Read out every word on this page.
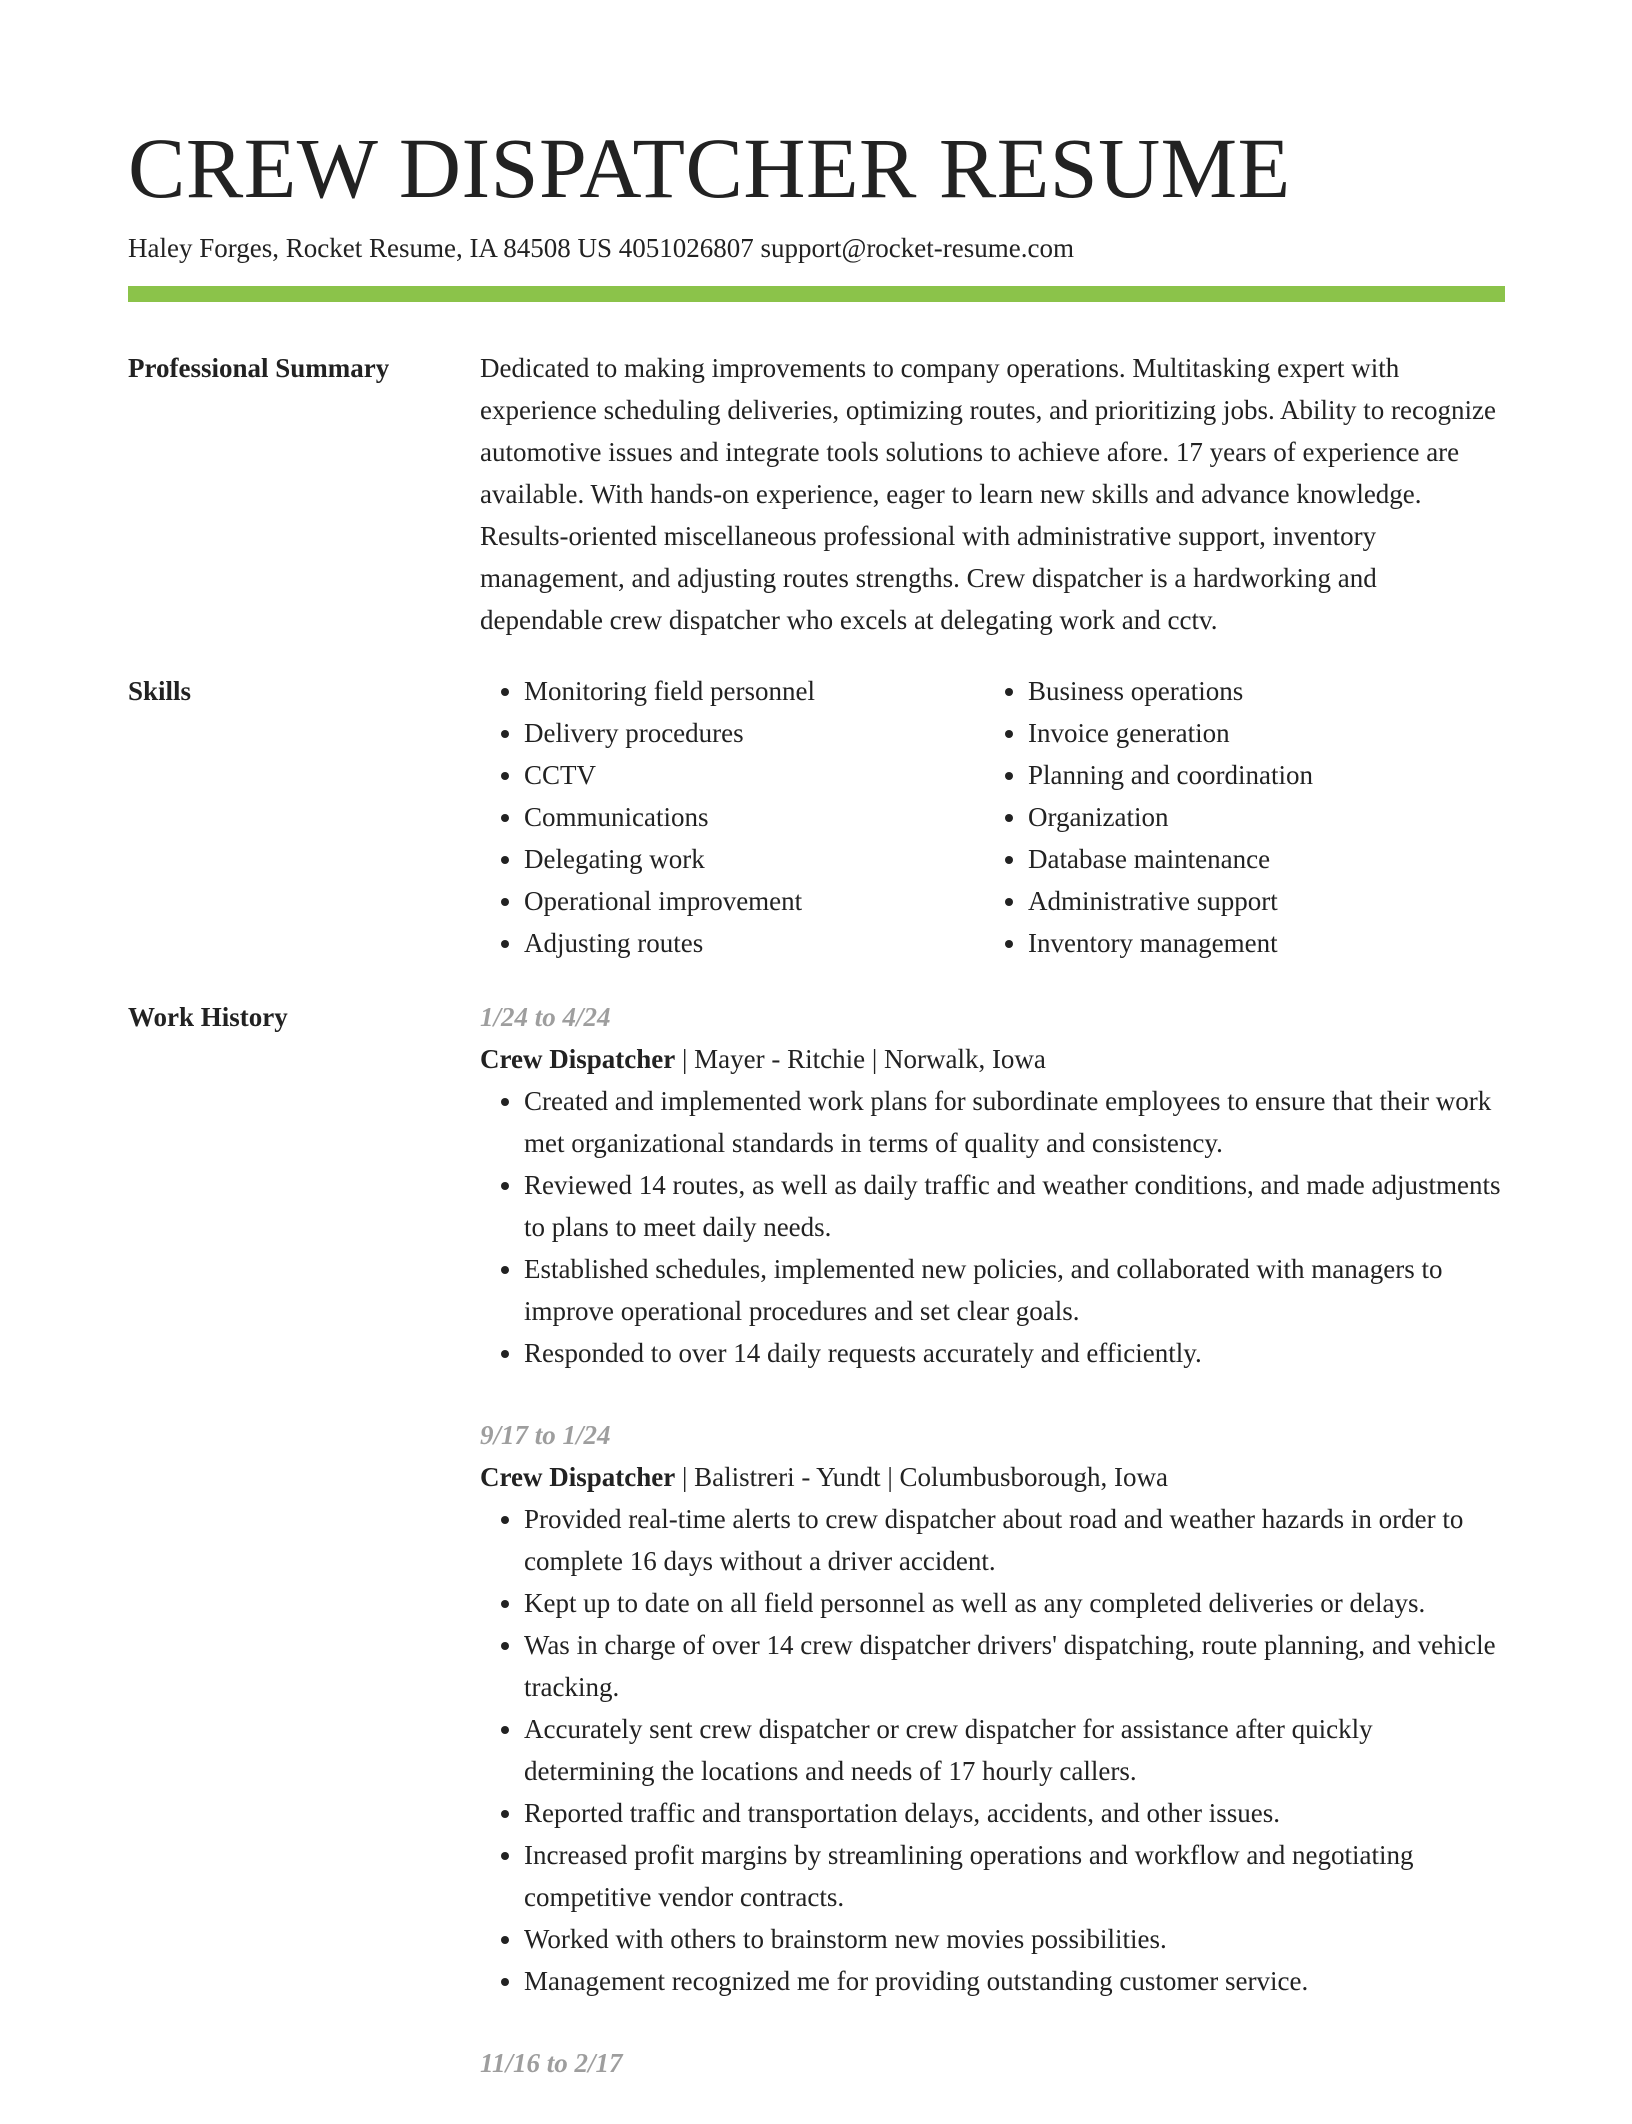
CREW DISPATCHER RESUME
Haley Forges, Rocket Resume, IA 84508 US 4051026807 support@rocket-resume.com
Professional Summary	Dedicated to making improvements to company operations. Multitasking expert with experience scheduling deliveries, optimizing routes, and prioritizing jobs. Ability to recognize automotive issues and integrate tools solutions to achieve afore. 17 years of experience are available. With hands-on experience, eager to learn new skills and advance knowledge. Results-oriented miscellaneous professional with administrative support, inventory management, and adjusting routes strengths. Crew dispatcher is a hardworking and dependable crew dispatcher who excels at delegating work and cctv.

Skills
•	Monitoring field personnel
• Delivery procedures
• CCTV
• Communications
• Delegating work
• Operational improvement
• Adjusting routes
• Business operations
• Invoice generation
• Planning and coordination
• Organization
• Database maintenance
• Administrative support
• Inventory management
Work History	1/24 to 4/24
Crew Dispatcher | Mayer - Ritchie | Norwalk, Iowa
• Created and implemented work plans for subordinate employees to ensure that their work met organizational standards in terms of quality and consistency.
• Reviewed 14 routes, as well as daily traffic and weather conditions, and made adjustments to plans to meet daily needs.
• Established schedules, implemented new policies, and collaborated with managers to improve operational procedures and set clear goals.
• Responded to over 14 daily requests accurately and efficiently.
9/17 to 1/24
Crew Dispatcher | Balistreri - Yundt | Columbusborough, Iowa
• Provided real-time alerts to crew dispatcher about road and weather hazards in order to complete 16 days without a driver accident.
• Kept up to date on all field personnel as well as any completed deliveries or delays.
• Was in charge of over 14 crew dispatcher drivers' dispatching, route planning, and vehicle tracking.
• Accurately sent crew dispatcher or crew dispatcher for assistance after quickly determining the locations and needs of 17 hourly callers.
• Reported traffic and transportation delays, accidents, and other issues.
• Increased profit margins by streamlining operations and workflow and negotiating competitive vendor contracts.
• Worked with others to brainstorm new movies possibilities.
• Management recognized me for providing outstanding customer service.
11/16 to 2/17
